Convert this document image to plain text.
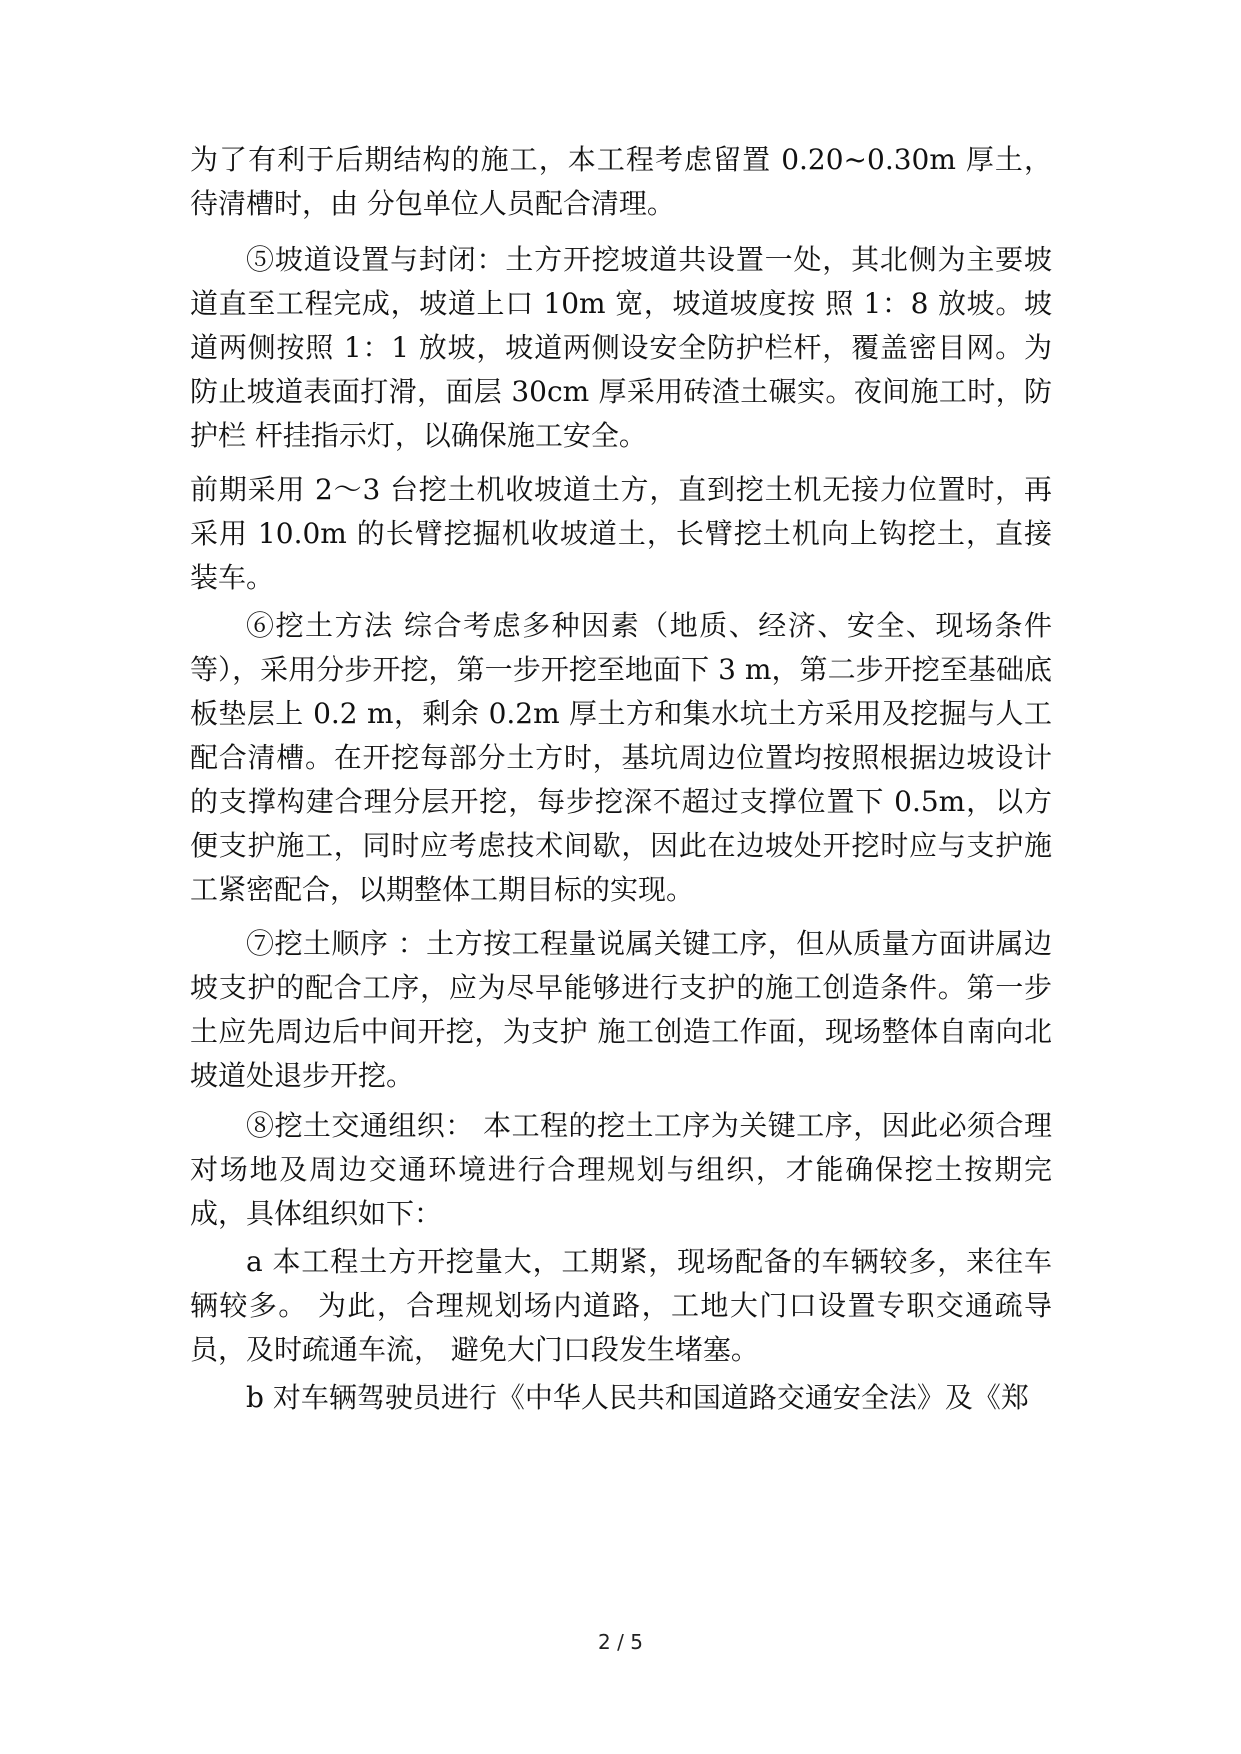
为了有利于后期结构的施工，本工程考虑留置 0.20~0.30m 厚土，待清槽时，由 分包单位人员配合清理。

⑤坡道设置与封闭：土方开挖坡道共设置一处，其北侧为主要坡道直至工程完成，坡道上口 10m 宽，坡道坡度按 照 1：8 放坡。坡道两侧按照 1：1 放坡，坡道两侧设安全防护栏杆，覆盖密目网。为防止坡道表面打滑，面层 30cm 厚采用砖渣土碾实。夜间施工时，防护栏 杆挂指示灯，以确保施工安全。

前期采用 2～3 台挖土机收坡道土方，直到挖土机无接力位置时，再采用 10.0m 的长臂挖掘机收坡道土，长臂挖土机向上钩挖土，直接装车。

⑥挖土方法 综合考虑多种因素（地质、经济、安全、现场条件等），采用分步开挖，第一步开挖至地面下 3 m，第二步开挖至基础底板垫层上 0.2 m，剩余 0.2m 厚土方和集水坑土方采用及挖掘与人工配合清槽。在开挖每部分土方时，基坑周边位置均按照根据边坡设计的支撑构建合理分层开挖，每步挖深不超过支撑位置下 0.5m，以方便支护施工，同时应考虑技术间歇，因此在边坡处开挖时应与支护施工紧密配合，以期整体工期目标的实现。

⑦挖土顺序 ：土方按工程量说属关键工序，但从质量方面讲属边坡支护的配合工序，应为尽早能够进行支护的施工创造条件。第一步土应先周边后中间开挖，为支护 施工创造工作面，现场整体自南向北坡道处退步开挖。

⑧挖土交通组织： 本工程的挖土工序为关键工序，因此必须合理对场地及周边交通环境进行合理规划与组织，才能确保挖土按期完成，具体组织如下：

a 本工程土方开挖量大，工期紧，现场配备的车辆较多，来往车辆较多。 为此，合理规划场内道路，工地大门口设置专职交通疏导员，及时疏通车流， 避免大门口段发生堵塞。

b 对车辆驾驶员进行《中华人民共和国道路交通安全法》及《郑

2 / 5
